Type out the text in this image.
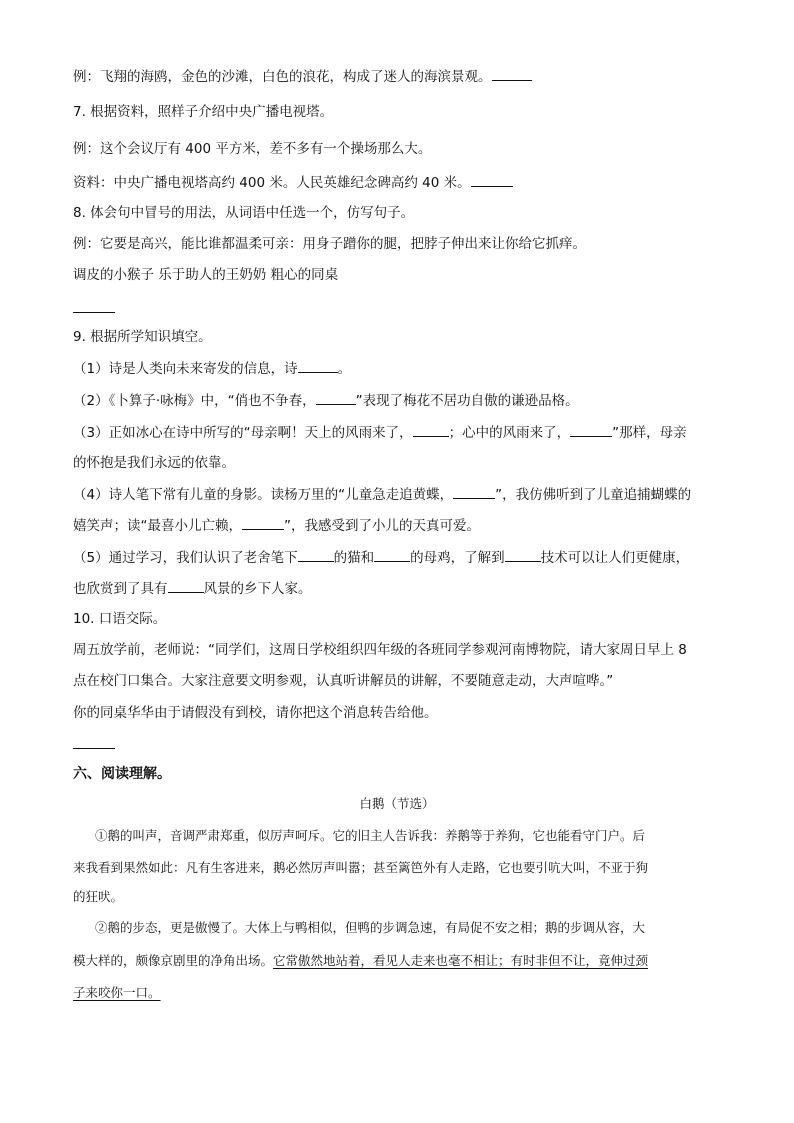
例：飞翔的海鸥，金色的沙滩，白色的浪花，构成了迷人的海滨景观。
7. 根据资料，照样子介绍中央广播电视塔。
例：这个会议厅有 400 平方米，差不多有一个操场那么大。
资料：中央广播电视塔高约 400 米。人民英雄纪念碑高约 40 米。
8. 体会句中冒号的用法，从词语中任选一个，仿写句子。
例：它要是高兴，能比谁都温柔可亲：用身子蹭你的腿，把脖子伸出来让你给它抓痒。
调皮的小猴子 乐于助人的王奶奶 粗心的同桌
9. 根据所学知识填空。
（1）诗是人类向未来寄发的信息，诗	。
（2）《卜算子·咏梅》中，“俏也不争春，	”表现了梅花不居功自傲的谦逊品格。
（3）正如冰心在诗中所写的“母亲啊！天上的风雨来了，	；心中的风雨来了，	”那样，母亲
的怀抱是我们永远的依靠。
（4）诗人笔下常有儿童的身影。读杨万里的“儿童急走追黄蝶，	”，我仿佛听到了儿童追捕蝴蝶的
嬉笑声；读“最喜小儿亡赖，	”，我感受到了小儿的天真可爱。
（5）通过学习，我们认识了老舍笔下	的猫和	的母鸡，了解到	技术可以让人们更健康，
也欣赏到了具有	风景的乡下人家。
10. 口语交际。
周五放学前，老师说：“同学们，这周日学校组织四年级的各班同学参观河南博物院，请大家周日早上 8
点在校门口集合。大家注意要文明参观，认真听讲解员的讲解，不要随意走动，大声喧哗。”
你的同桌华华由于请假没有到校，请你把这个消息转告给他。
六、阅读理解。
白鹅（节选）
①鹅的叫声，音调严肃郑重，似厉声呵斥。它的旧主人告诉我：养鹅等于养狗，它也能看守门户。后
来我看到果然如此：凡有生客进来，鹅必然厉声叫嚣；甚至篱笆外有人走路，它也要引吭大叫，不亚于狗
的狂吠。
②鹅的步态，更是傲慢了。大体上与鸭相似，但鸭的步调急速，有局促不安之相；鹅的步调从容，大
模大样的，颇像京剧里的净角出场。它常傲然地站着，看见人走来也毫不相让；有时非但不让，竟伸过颈
子来咬你一口。
